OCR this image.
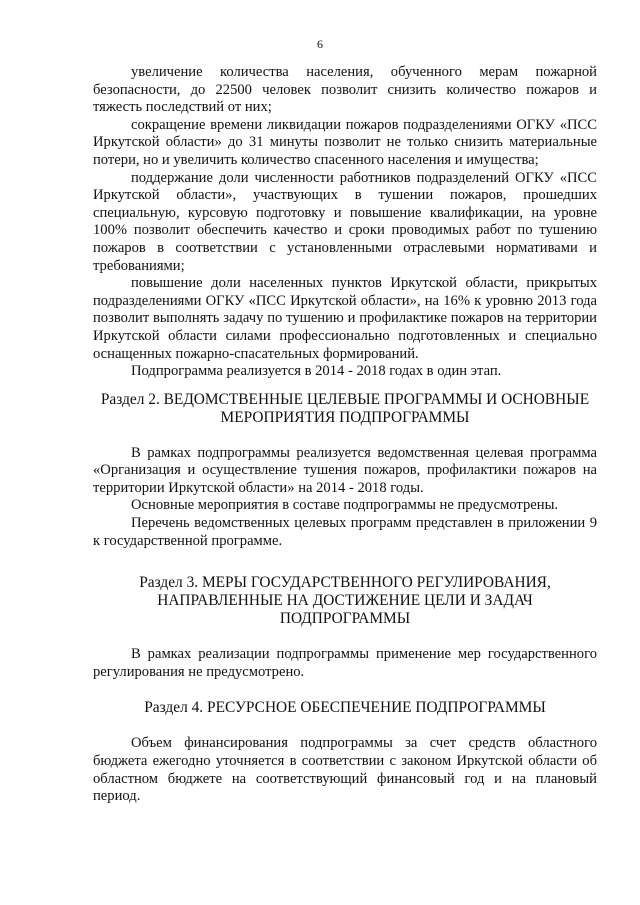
6

увеличение количества населения, обученного мерам пожарной безопасности, до 22500 человек позволит снизить количество пожаров и тяжесть последствий от них;

сокращение времени ликвидации пожаров подразделениями ОГКУ «ПСС Иркутской области» до 31 минуты позволит не только снизить материальные потери, но и увеличить количество спасенного населения и имущества;

поддержание доли численности работников подразделений ОГКУ «ПСС Иркутской области», участвующих в тушении пожаров, прошедших специальную, курсовую подготовку и повышение квалификации, на уровне 100% позволит обеспечить качество и сроки проводимых работ по тушению пожаров в соответствии с установленными отраслевыми нормативами и требованиями;

повышение доли населенных пунктов Иркутской области, прикрытых подразделениями ОГКУ «ПСС Иркутской области», на 16% к уровню 2013 года позволит выполнять задачу по тушению и профилактике пожаров на территории Иркутской области силами профессионально подготовленных и специально оснащенных пожарно-спасательных формирований.

Подпрограмма реализуется в 2014 - 2018 годах в один этап.

Раздел 2. ВЕДОМСТВЕННЫЕ ЦЕЛЕВЫЕ ПРОГРАММЫ И ОСНОВНЫЕ
МЕРОПРИЯТИЯ ПОДПРОГРАММЫ

В рамках подпрограммы реализуется ведомственная целевая программа «Организация и осуществление тушения пожаров, профилактики пожаров на территории Иркутской области» на 2014 - 2018 годы.

Основные мероприятия в составе подпрограммы не предусмотрены.

Перечень ведомственных целевых программ представлен в приложении 9 к государственной программе.

Раздел 3. МЕРЫ ГОСУДАРСТВЕННОГО РЕГУЛИРОВАНИЯ,
НАПРАВЛЕННЫЕ НА ДОСТИЖЕНИЕ ЦЕЛИ И ЗАДАЧ
ПОДПРОГРАММЫ

В рамках реализации подпрограммы применение мер государственного регулирования не предусмотрено.

Раздел 4. РЕСУРСНОЕ ОБЕСПЕЧЕНИЕ ПОДПРОГРАММЫ

Объем финансирования подпрограммы за счет средств областного бюджета ежегодно уточняется в соответствии с законом Иркутской области об областном бюджете на соответствующий финансовый год и на плановый период.
